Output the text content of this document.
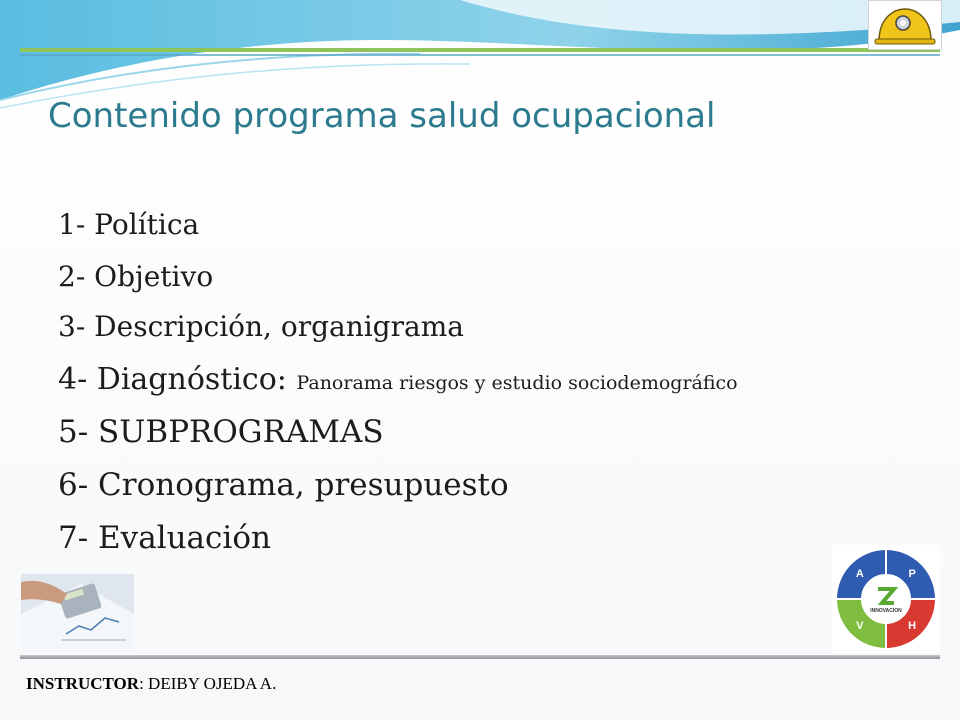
Contenido programa salud ocupacional
1- Política
2- Objetivo
3- Descripción, organigrama
4- Diagnóstico: Panorama riesgos y estudio sociodemográfico
5- SUBPROGRAMAS
6- Cronograma, presupuesto
7- Evaluación
A	P
V	H
INNOVACION
INSTRUCTOR: DEIBY OJEDA A.
